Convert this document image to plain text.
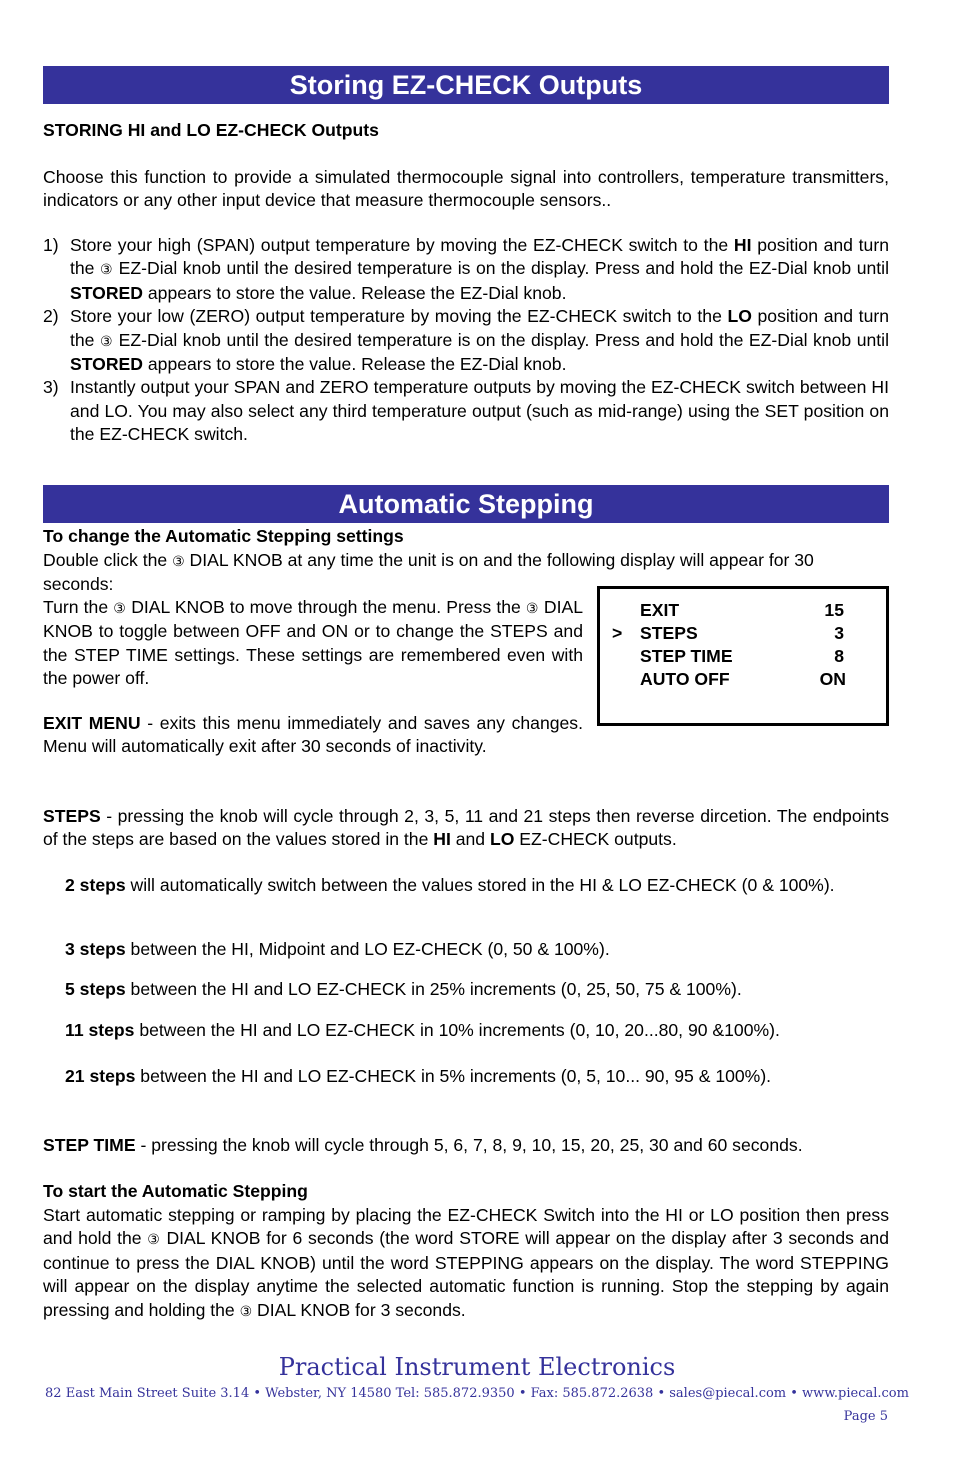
Storing EZ-CHECK Outputs
STORING HI and LO EZ-CHECK Outputs
Choose this function to provide a simulated thermocouple signal into controllers, temperature transmitters, indicators or any other input device that measure thermocouple sensors..
1) Store your high (SPAN) output temperature by moving the EZ-CHECK switch to the HI position and turn the ③ EZ-Dial knob until the desired temperature is on the display. Press and hold the EZ-Dial knob until STORED appears to store the value. Release the EZ-Dial knob.
2) Store your low (ZERO) output temperature by moving the EZ-CHECK switch to the LO position and turn the ③ EZ-Dial knob until the desired temperature is on the display. Press and hold the EZ-Dial knob until STORED appears to store the value. Release the EZ-Dial knob.
3) Instantly output your SPAN and ZERO temperature outputs by moving the EZ-CHECK switch between HI and LO. You may also select any third temperature output (such as mid-range) using the SET position on the EZ-CHECK switch.
Automatic Stepping
To change the Automatic Stepping settings
Double click the ③ DIAL KNOB at any time the unit is on and the following display will appear for 30 seconds:
Turn the ③ DIAL KNOB to move through the menu. Press the ③ DIAL KNOB to toggle between OFF and ON or to change the STEPS and the STEP TIME settings. These settings are remembered even with the power off.
EXIT MENU - exits this menu immediately and saves any changes. Menu will automatically exit after 30 seconds of inactivity.
EXIT	15
> STEPS	3
STEP TIME	8
AUTO OFF	ON
STEPS - pressing the knob will cycle through 2, 3, 5, 11 and 21 steps then reverse dircetion. The endpoints of the steps are based on the values stored in the HI and LO EZ-CHECK outputs.
2 steps will automatically switch between the values stored in the HI & LO EZ-CHECK (0 & 100%).
3 steps between the HI, Midpoint and LO EZ-CHECK (0, 50 & 100%).
5 steps between the HI and LO EZ-CHECK in 25% increments (0, 25, 50, 75 & 100%).
11 steps between the HI and LO EZ-CHECK in 10% increments (0, 10, 20...80, 90 &100%).
21 steps between the HI and LO EZ-CHECK in 5% increments (0, 5, 10... 90, 95 & 100%).
STEP TIME - pressing the knob will cycle through 5, 6, 7, 8, 9, 10, 15, 20, 25, 30 and 60 seconds.
To start the Automatic Stepping
Start automatic stepping or ramping by placing the EZ-CHECK Switch into the HI or LO position then press and hold the ③ DIAL KNOB for 6 seconds (the word STORE will appear on the display after 3 seconds and continue to press the DIAL KNOB) until the word STEPPING appears on the display. The word STEPPING will appear on the display anytime the selected automatic function is running. Stop the stepping by again pressing and holding the ③ DIAL KNOB for 3 seconds.
Practical Instrument Electronics
82 East Main Street Suite 3.14 • Webster, NY 14580 Tel: 585.872.9350 • Fax: 585.872.2638 • sales@piecal.com • www.piecal.com
Page 5
